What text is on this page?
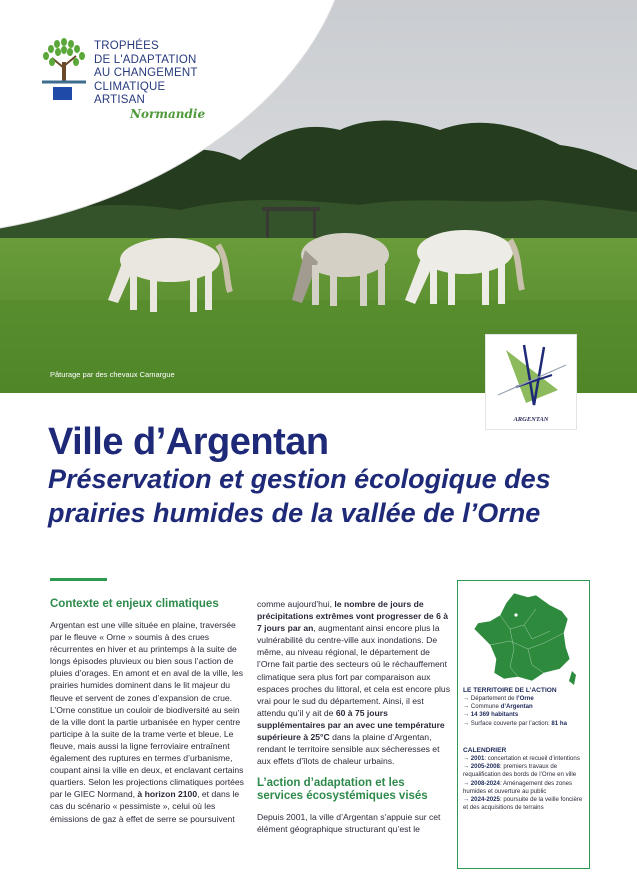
Pâturage par des chevaux Camargue
TROPHÉES
DE L'ADAPTATION
AU CHANGEMENT
CLIMATIQUE
ARTISAN
Normandie
ARGENTAN
Ville d’Argentan
Préservation et gestion écologique des prairies humides de la vallée de l’Orne
Contexte et enjeux climatiques

Argentan est une ville située en plaine, traversée par le fleuve « Orne » soumis à des crues récurrentes en hiver et au printemps à la suite de longs épisodes pluvieux ou bien sous l’action de pluies d’orages. En amont et en aval de la ville, les prairies humides dominent dans le lit majeur du fleuve et servent de zones d’expansion de crue. L’Orne constitue un couloir de biodiversité au sein de la ville dont la partie urbanisée en hyper centre participe à la suite de la trame verte et bleue. Le fleuve, mais aussi la ligne ferroviaire entraînent également des ruptures en termes d’urbanisme, coupant ainsi la ville en deux, et enclavant certains quartiers. Selon les projections climatiques portées par le GIEC Normand, à horizon 2100, et dans le cas du scénario « pessimiste », celui où les émissions de gaz à effet de serre se poursuivent

comme aujourd’hui, le nombre de jours de précipitations extrêmes vont progresser de 6 à 7 jours par an, augmentant ainsi encore plus la vulnérabilité du centre-ville aux inondations. De même, au niveau régional, le département de l’Orne fait partie des secteurs où le réchauffement climatique sera plus fort par comparaison aux espaces proches du littoral, et cela est encore plus vrai pour le sud du département. Ainsi, il est attendu qu’il y ait de 60 à 75 jours supplémentaires par an avec une température supérieure à 25°C dans la plaine d’Argentan, rendant le territoire sensible aux sécheresses et aux effets d’îlots de chaleur urbains.

L’action d’adaptation et les services écosystémiques visés

Depuis 2001, la ville d’Argentan s’appuie sur cet élément géographique structurant qu’est le

LE TERRITOIRE DE L’ACTION
→ Département de l’Orne
→ Commune d’Argentan
→ 14 369 habitants
→ Surface couverte par l’action: 81 ha
CALENDRIER
→ 2001: concertation et recueil d’intentions
→ 2005-2008: premiers travaux de requalification des bords de l’Orne en ville
→ 2008-2024: Aménagement des zones humides et ouverture au public
→ 2024-2025: poursuite de la veille foncière et des acquisitions de terrains
